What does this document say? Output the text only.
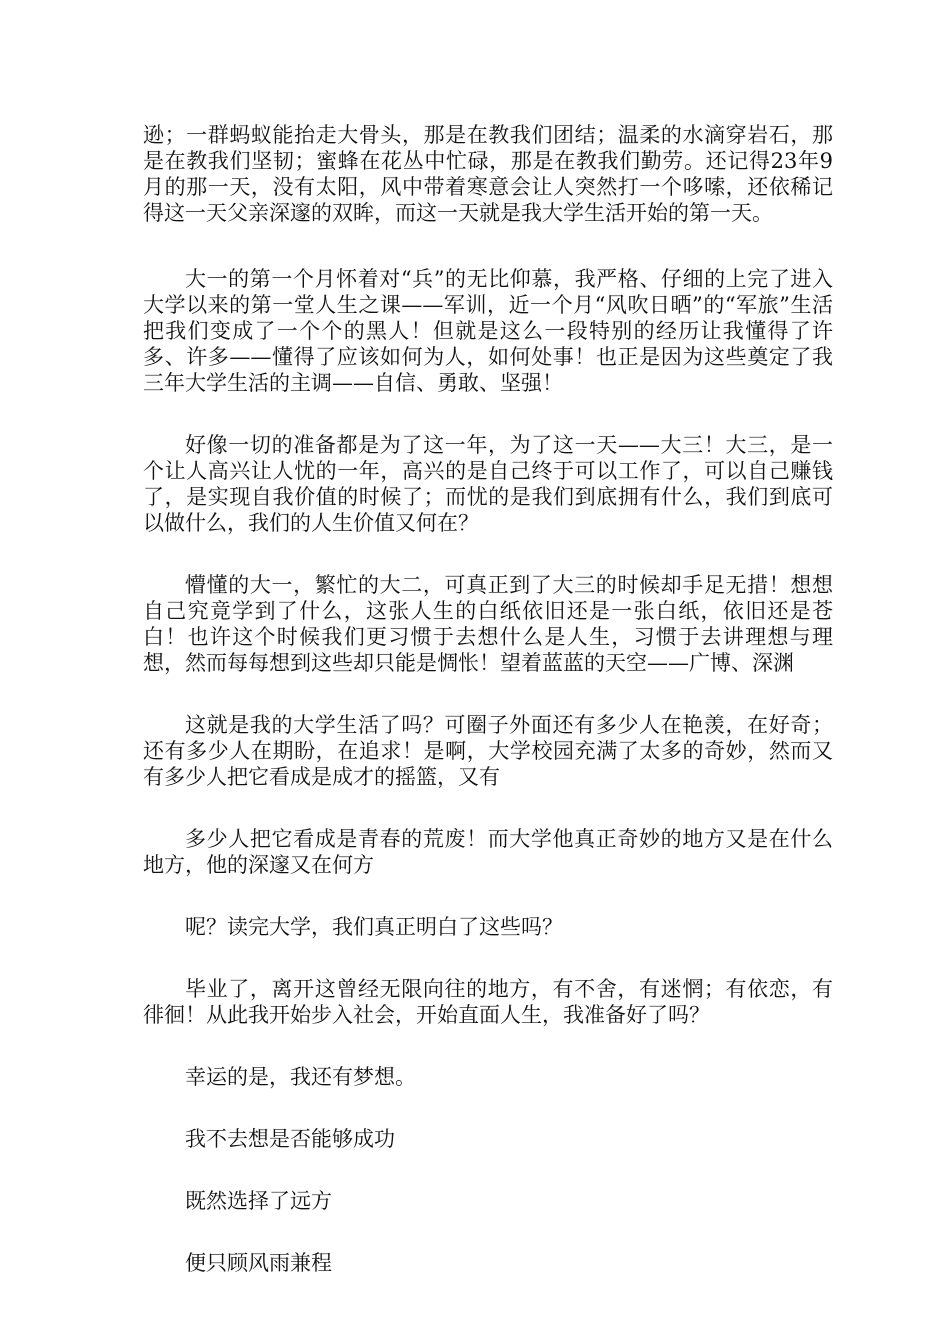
逊；一群蚂蚁能抬走大骨头，那是在教我们团结；温柔的水滴穿岩石，那是在教我们坚韧；蜜蜂在花丛中忙碌，那是在教我们勤劳。还记得23年9月的那一天，没有太阳，风中带着寒意会让人突然打一个哆嗦，还依稀记得这一天父亲深邃的双眸，而这一天就是我大学生活开始的第一天。

大一的第一个月怀着对“兵”的无比仰慕，我严格、仔细的上完了进入大学以来的第一堂人生之课——军训，近一个月“风吹日晒”的“军旅”生活把我们变成了一个个的黑人！但就是这么一段特别的经历让我懂得了许多、许多——懂得了应该如何为人，如何处事！也正是因为这些奠定了我三年大学生活的主调——自信、勇敢、坚强！

好像一切的准备都是为了这一年，为了这一天——大三！大三，是一个让人高兴让人忧的一年，高兴的是自己终于可以工作了，可以自己赚钱了，是实现自我价值的时候了；而忧的是我们到底拥有什么，我们到底可以做什么，我们的人生价值又何在？

懵懂的大一，繁忙的大二，可真正到了大三的时候却手足无措！想想自己究竟学到了什么，这张人生的白纸依旧还是一张白纸，依旧还是苍白！也许这个时候我们更习惯于去想什么是人生，习惯于去讲理想与理想，然而每每想到这些却只能是惆怅！望着蓝蓝的天空——广博、深渊

这就是我的大学生活了吗？可圈子外面还有多少人在艳羡，在好奇；还有多少人在期盼，在追求！是啊，大学校园充满了太多的奇妙，然而又有多少人把它看成是成才的摇篮，又有

多少人把它看成是青春的荒废！而大学他真正奇妙的地方又是在什么地方，他的深邃又在何方

呢？读完大学，我们真正明白了这些吗？

毕业了，离开这曾经无限向往的地方，有不舍，有迷惘；有依恋，有徘徊！从此我开始步入社会，开始直面人生，我准备好了吗？

幸运的是，我还有梦想。

我不去想是否能够成功

既然选择了远方

便只顾风雨兼程
